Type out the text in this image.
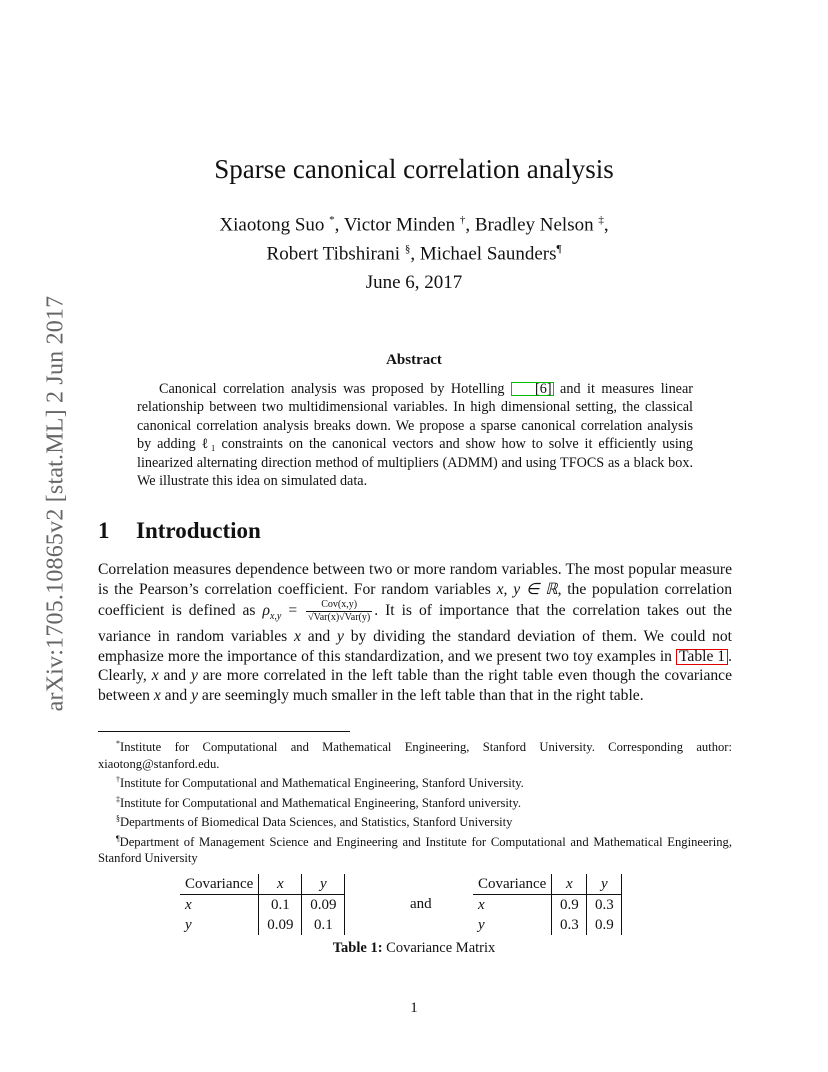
arXiv:1705.10865v2 [stat.ML] 2 Jun 2017
Sparse canonical correlation analysis
Xiaotong Suo *, Victor Minden †, Bradley Nelson ‡,
Robert Tibshirani §, Michael Saunders¶
June 6, 2017
Abstract
Canonical correlation analysis was proposed by Hotelling [6] and it measures linear relationship between two multidimensional variables. In high dimensional setting, the classical canonical correlation analysis breaks down. We propose a sparse canonical correlation analysis by adding ℓ₁ constraints on the canonical vectors and show how to solve it efficiently using linearized alternating direction method of multipliers (ADMM) and using TFOCS as a black box. We illustrate this idea on simulated data.
1 Introduction
Correlation measures dependence between two or more random variables. The most popular measure is the Pearson’s correlation coefficient. For random variables x, y ∈ ℝ, the population correlation coefficient is defined as $\rho_{x,y} = \frac{\text{Cov(x,y)}}{\text{√Var(x)√Var(y)}}$ . It is of importance that the correlation takes out the variance in random variables x and y by dividing the standard deviation of them. We could not emphasize more the importance of this standardization, and we present two toy examples in Table 1 . Clearly, x and y are more correlated in the left table than the right table even though the covariance between x and y are seemingly much smaller in the left table than that in the right table.
*Institute for Computational and Mathematical Engineering, Stanford University. Corresponding author: xiaotong@stanford.edu.
†Institute for Computational and Mathematical Engineering, Stanford University.
‡Institute for Computational and Mathematical Engineering, Stanford university.
§Departments of Biomedical Data Sciences, and Statistics, Stanford University
¶Department of Management Science and Engineering and Institute for Computational and Mathematical Engineering, Stanford University
Covariance	x	y
x	0.1	0.09
y	0.09	0.1
and
Covariance	x	y
x	0.9	0.3
y	0.3	0.9
Table 1: Covariance Matrix
1
